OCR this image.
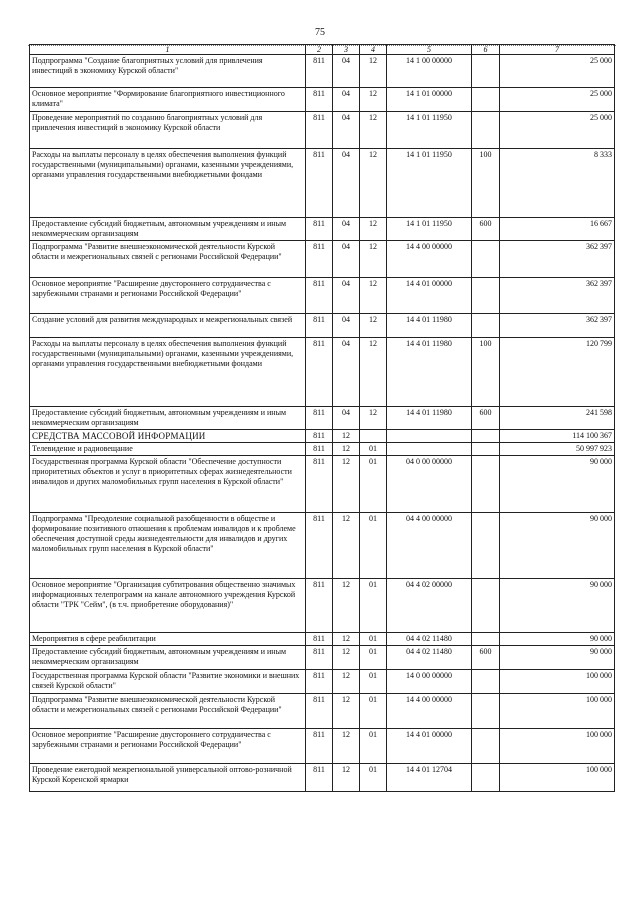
75
1	2	3	4	5	6	7
Подпрограмма "Создание благоприятных условий для привлечения инвестиций в экономику Курской области"	811	04	12	14 1 00 00000		25 000
Основное мероприятие "Формирование благоприятного инвестиционного климата"	811	04	12	14 1 01 00000		25 000
Проведение мероприятий по созданию благоприятных условий для привлечения инвестиций в экономику Курской области	811	04	12	14 1 01 11950		25 000
Расходы на выплаты персоналу в целях обеспечения выполнения функций государственными (муниципальными) органами, казенными учреждениями, органами управления государственными внебюджетными фондами	811	04	12	14 1 01 11950	100	8 333
Предоставление субсидий бюджетным, автономным учреждениям и иным некоммерческим организациям	811	04	12	14 1 01 11950	600	16 667
Подпрограмма "Развитие внешнеэкономической деятельности Курской области и межрегиональных связей с регионами Российской Федерации"	811	04	12	14 4 00 00000		362 397
Основное мероприятие "Расширение двустороннего сотрудничества с зарубежными странами и регионами Российской Федерации"	811	04	12	14 4 01 00000		362 397
Создание условий для развития международных и межрегиональных связей	811	04	12	14 4 01 11980		362 397
Расходы на выплаты персоналу в целях обеспечения выполнения функций государственными (муниципальными) органами, казенными учреждениями, органами управления государственными внебюджетными фондами	811	04	12	14 4 01 11980	100	120 799
Предоставление субсидий бюджетным, автономным учреждениям и иным некоммерческим организациям	811	04	12	14 4 01 11980	600	241 598
СРЕДСТВА МАССОВОЙ ИНФОРМАЦИИ	811	12				114 100 367
Телевидение и радиовещание	811	12	01			50 997 923
Государственная программа Курской области "Обеспечение доступности приоритетных объектов и услуг в приоритетных сферах жизнедеятельности инвалидов и других маломобильных групп населения в Курской области"	811	12	01	04 0 00 00000		90 000
Подпрограмма "Преодоление социальной разобщенности в обществе и формирование позитивного отношения к проблемам инвалидов и к проблеме обеспечения доступной среды жизнедеятельности для инвалидов и других маломобильных групп населения в Курской области"	811	12	01	04 4 00 00000		90 000
Основное мероприятие "Организация субтитрования общественно значимых информационных телепрограмм на канале автономного учреждения Курской области "ТРК "Сейм", (в т.ч. приобретение оборудования)"	811	12	01	04 4 02 00000		90 000
Мероприятия в сфере реабилитации	811	12	01	04 4 02 11480		90 000
Предоставление субсидий бюджетным, автономным учреждениям и иным некоммерческим организациям	811	12	01	04 4 02 11480	600	90 000
Государственная программа Курской области "Развитие экономики и внешних связей Курской области"	811	12	01	14 0 00 00000		100 000
Подпрограмма "Развитие внешнеэкономической деятельности Курской области и межрегиональных связей с регионами Российской Федерации"	811	12	01	14 4 00 00000		100 000
Основное мероприятие "Расширение двустороннего сотрудничества с зарубежными странами и регионами Российской Федерации"	811	12	01	14 4 01 00000		100 000
Проведение ежегодной межрегиональной универсальной оптово-розничной Курской Коренской ярмарки	811	12	01	14 4 01 12704		100 000
